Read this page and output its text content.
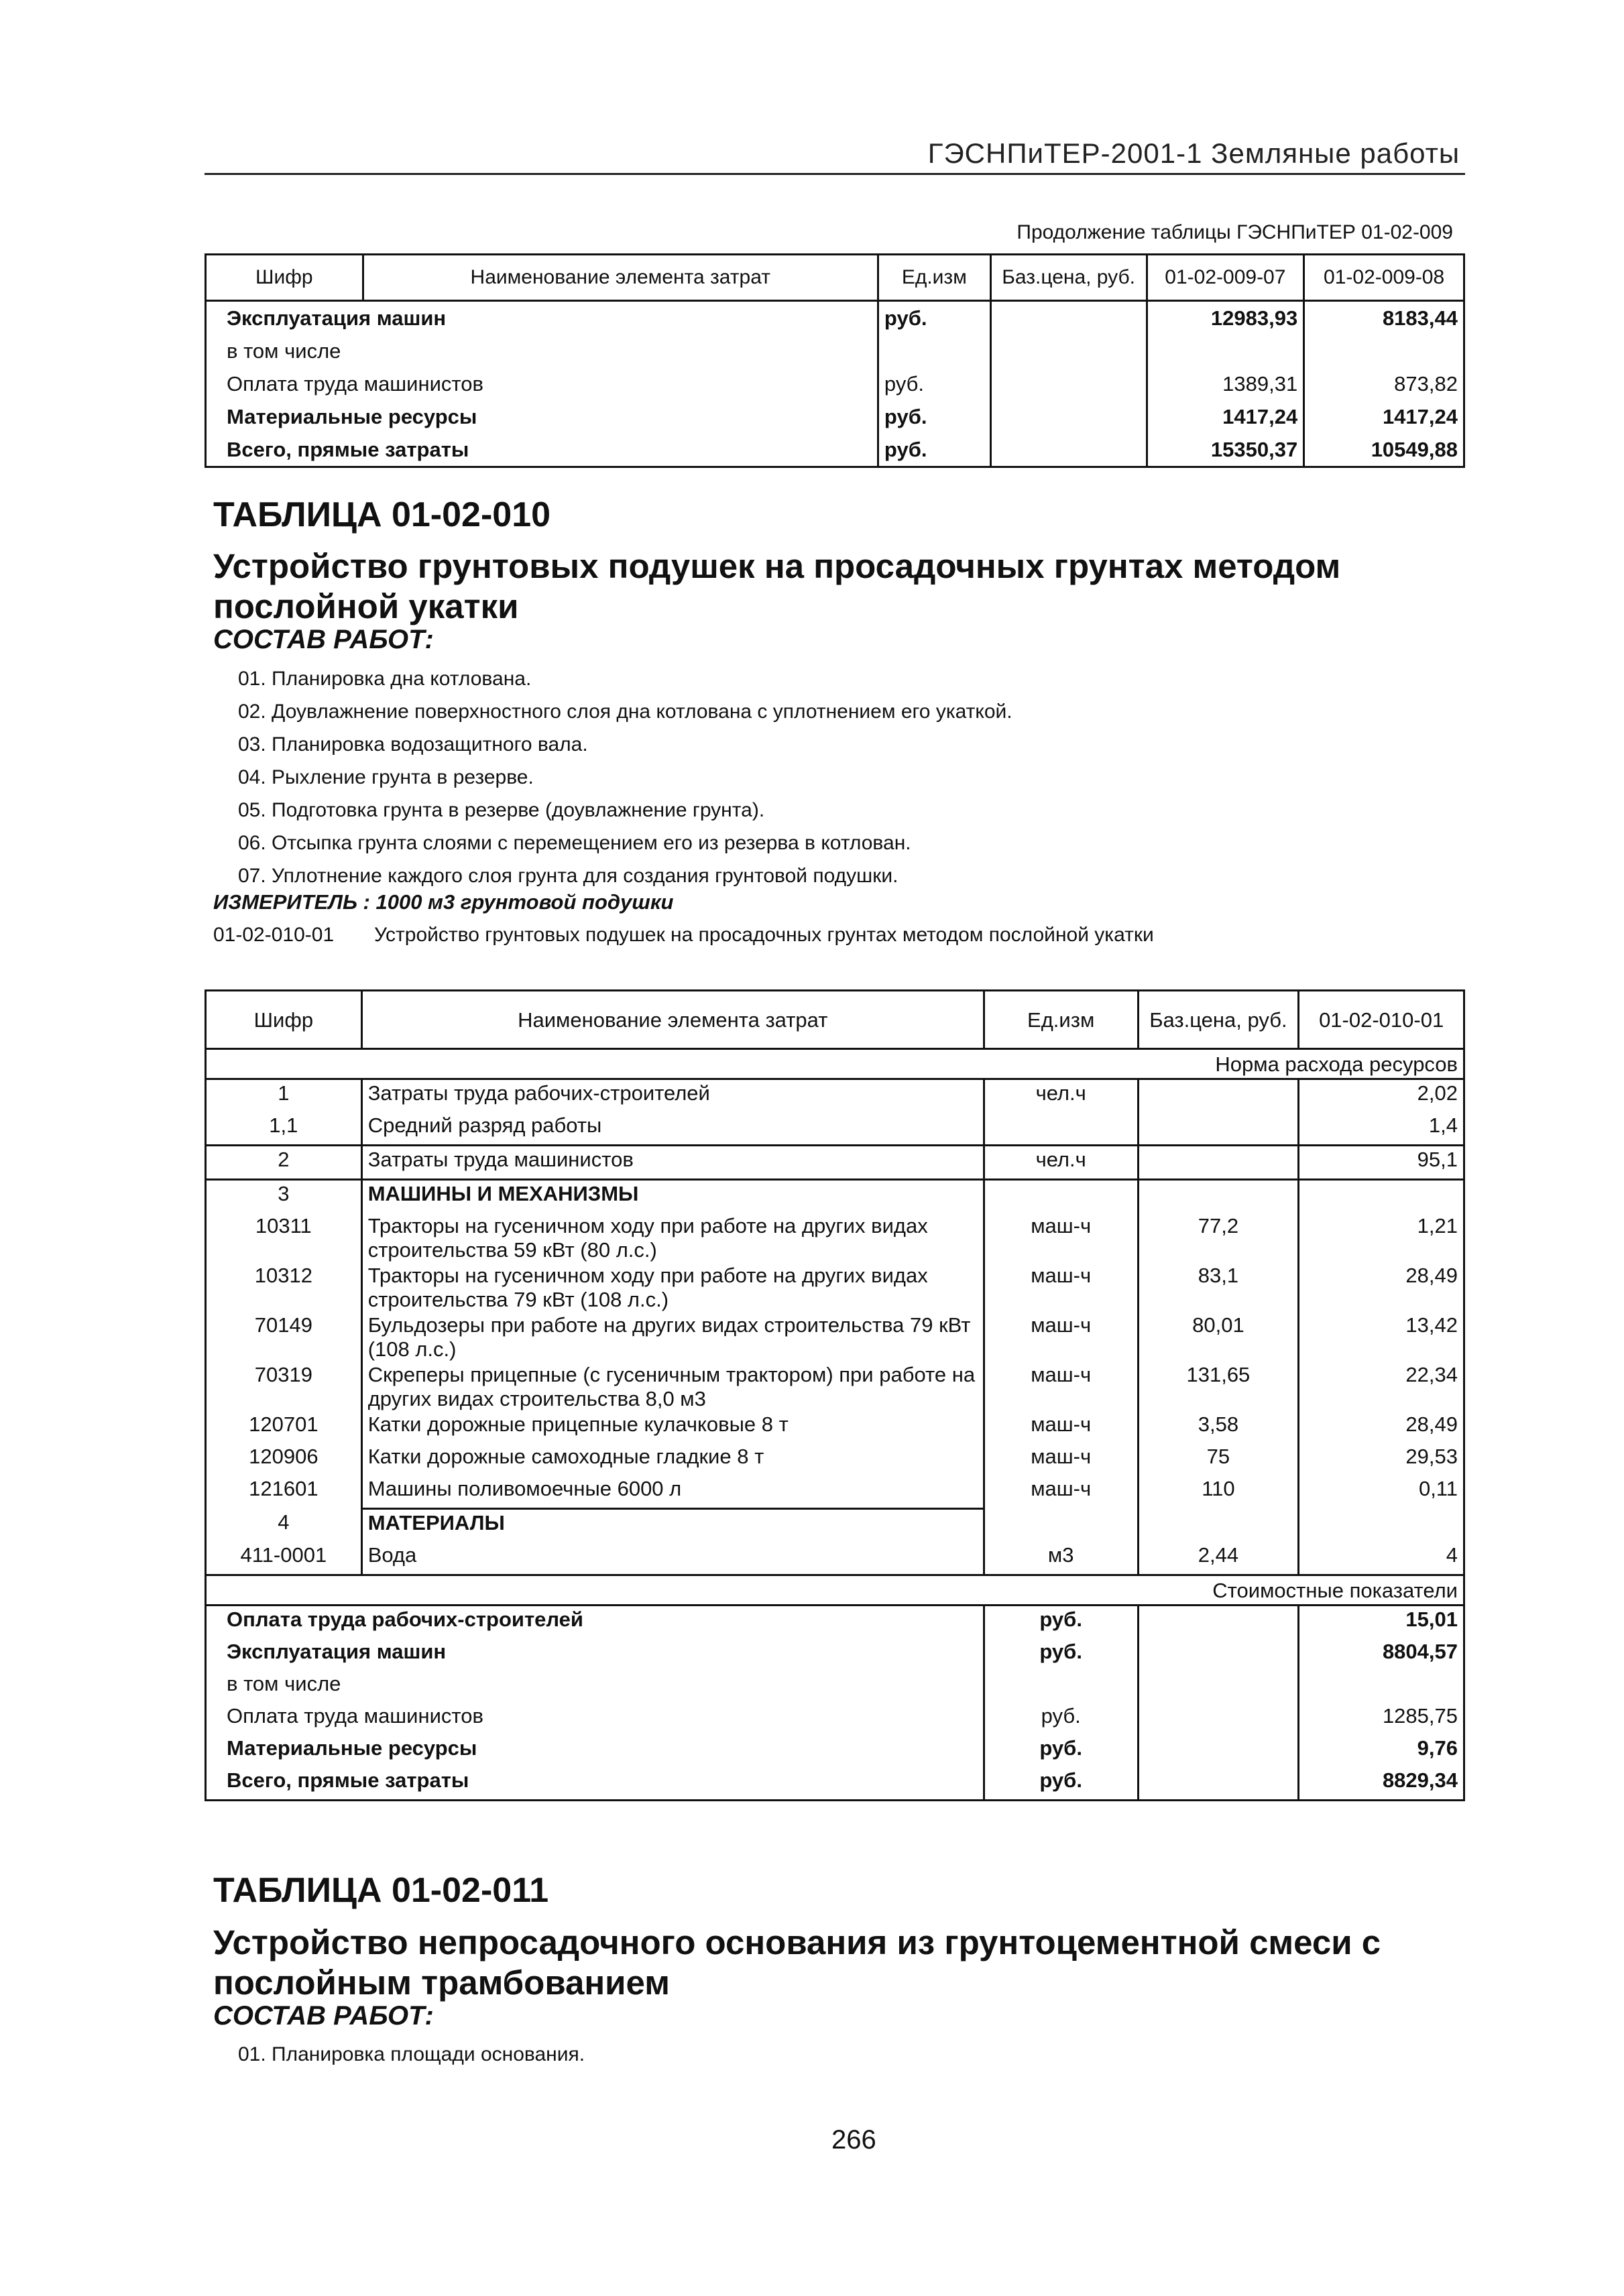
ГЭСНПиТЕР-2001-1 Земляные работы
Продолжение таблицы ГЭСНПиТЕР 01-02-009
Шифр	Наименование элемента затрат	Ед.изм	Баз.цена, руб.	01-02-009-07	01-02-009-08
Эксплуатация машин		руб.		12983,93	8183,44
в том числе					
Оплата труда машинистов		руб.		1389,31	873,82
Материальные ресурсы		руб.		1417,24	1417,24
Всего, прямые затраты		руб.		15350,37	10549,88
ТАБЛИЦА 01-02-010
Устройство грунтовых подушек на просадочных грунтах методом послойной укатки
СОСТАВ РАБОТ:
01. Планировка дна котлована.
02. Доувлажнение поверхностного слоя дна котлована с уплотнением его укаткой.
03. Планировка водозащитного вала.
04. Рыхление грунта в резерве.
05. Подготовка грунта в резерве (доувлажнение грунта).
06. Отсыпка грунта слоями с перемещением его из резерва в котлован.
07. Уплотнение каждого слоя грунта для создания грунтовой подушки.
ИЗМЕРИТЕЛЬ : 1000 м3 грунтовой подушки
01-02-010-01 Устройство грунтовых подушек на просадочных грунтах методом послойной укатки
Шифр	Наименование элемента затрат	Ед.изм	Баз.цена, руб.	01-02-010-01
Норма расхода ресурсов				
1	Затраты труда рабочих-строителей	чел.ч		2,02
1,1	Средний разряд работы			1,4
2	Затраты труда машинистов	чел.ч		95,1
3	МАШИНЫ И МЕХАНИЗМЫ			
10311	Тракторы на гусеничном ходу при работе на других видах строительства 59 кВт (80 л.с.)	маш-ч	77,2	1,21
10312	Тракторы на гусеничном ходу при работе на других видах строительства 79 кВт (108 л.с.)	маш-ч	83,1	28,49
70149	Бульдозеры при работе на других видах строительства 79 кВт (108 л.с.)	маш-ч	80,01	13,42
70319	Скреперы прицепные (с гусеничным трактором) при работе на других видах строительства 8,0 м3	маш-ч	131,65	22,34
120701	Катки дорожные прицепные кулачковые 8 т	маш-ч	3,58	28,49
120906	Катки дорожные самоходные гладкие 8 т	маш-ч	75	29,53
121601	Машины поливомоечные 6000 л	маш-ч	110	0,11
4	МАТЕРИАЛЫ			
411-0001	Вода	м3	2,44	4
Стоимостные показатели				
Оплата труда рабочих-строителей		руб.		15,01
Эксплуатация машин		руб.		8804,57
в том числе				
Оплата труда машинистов		руб.		1285,75
Материальные ресурсы		руб.		9,76
Всего, прямые затраты		руб.		8829,34
ТАБЛИЦА 01-02-011
Устройство непросадочного основания из грунтоцементной смеси с послойным трамбованием
СОСТАВ РАБОТ:
01. Планировка площади основания.
266
